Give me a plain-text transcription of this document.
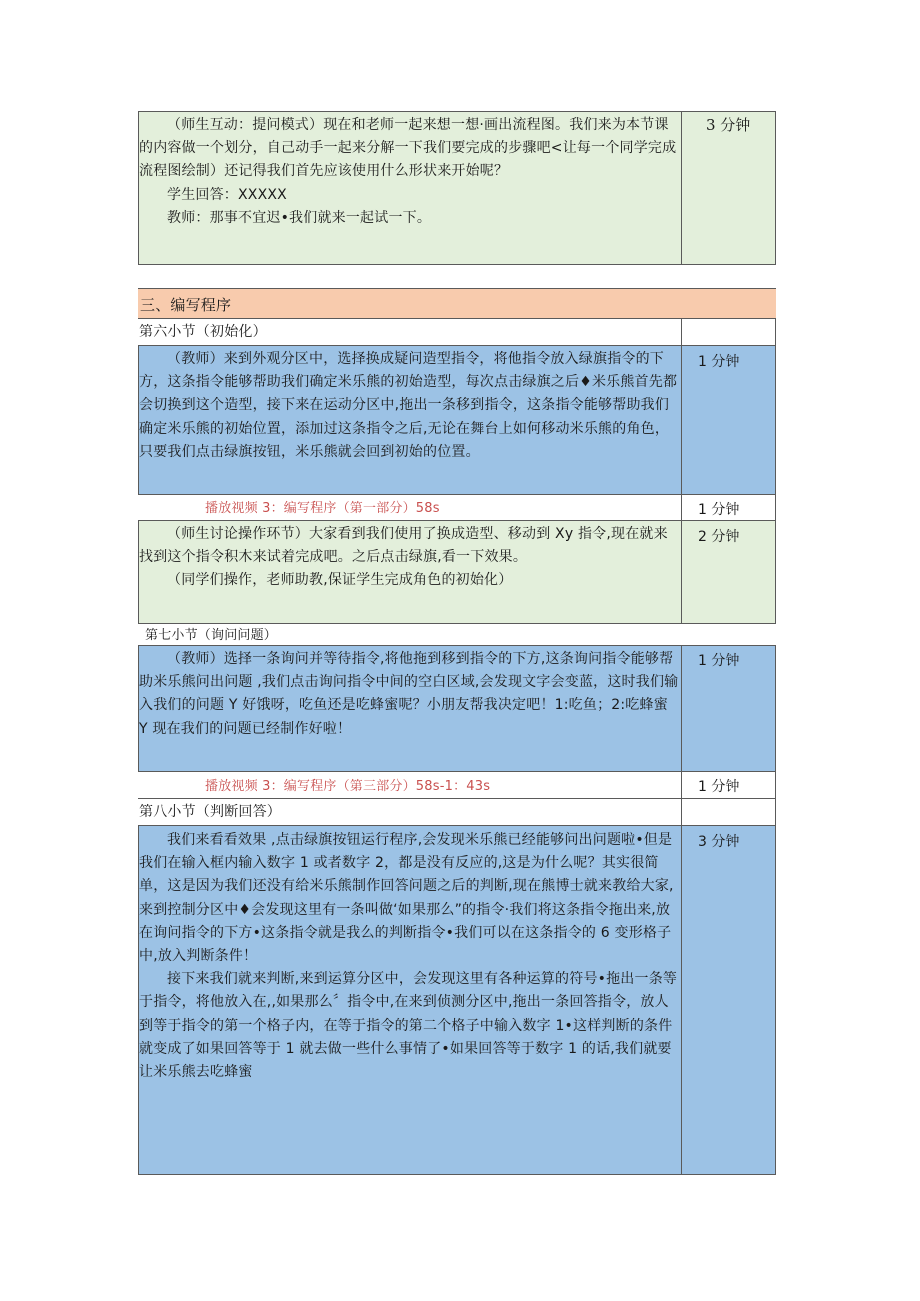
（师生互动：提问模式）现在和老师一起来想一想·画出流程图。我们来为本节课的内容做一个划分，自己动手一起来分解一下我们要完成的步骤吧<让每一个同学完成流程图绘制）还记得我们首先应该使用什么形状来开始呢？

学生回答：XXXXX

教师：那事不宜迟•我们就来一起试一下。

3 分钟
三、编写程序
第六小节（初始化）
（教师）来到外观分区中，选择换成疑问造型指令，将他指令放入绿旗指令的下方，这条指令能够帮助我们确定米乐熊的初始造型，每次点击绿旗之后♦米乐熊首先都会切换到这个造型，接下来在运动分区中,拖出一条移到指令，这条指令能够帮助我们确定米乐熊的初始位置，添加过这条指令之后,无论在舞台上如何移动米乐熊的角色，只要我们点击绿旗按钮，米乐熊就会回到初始的位置。
1 分钟
播放视频 3：编写程序（第一部分）58s	1 分钟

（师生讨论操作环节）大家看到我们使用了换成造型、移动到 Xy 指令,现在就来找到这个指令积木来试着完成吧。之后点击绿旗,看一下效果。

（同学们操作，老师助教,保证学生完成角色的初始化）

2 分钟
第七小节（询问问题）
（教师）选择一条询问并等待指令,将他拖到移到指令的下方,这条询问指令能够帮助米乐熊问出问题 ,我们点击询问指令中间的空白区域,会发现文字会变蓝，这时我们输入我们的问题 Y 好饿呀，吃鱼还是吃蜂蜜呢？小朋友帮我决定吧！1:吃鱼；2:吃蜂蜜 Y 现在我们的问题已经制作好啦！
1 分钟
播放视频 3：编写程序（第三部分）58s-1：43s	1 分钟
第八小节（判断回答）

我们来看看效果 ,点击绿旗按钮运行程序,会发现米乐熊已经能够问出问题啦•但是我们在输入框内输入数字 1 或者数字 2，都是没有反应的,这是为什么呢？其实很简单，这是因为我们还没有给米乐熊制作回答问题之后的判断,现在熊博士就来教给大家,来到控制分区中♦会发现这里有一条叫做‘如果那么”的指令·我们将这条指令拖出来,放在询问指令的下方•这条指令就是我么的判断指令•我们可以在这条指令的 6 变形格子中,放入判断条件！

接下来我们就来判断,来到运算分区中，会发现这里有各种运算的符号•拖出一条等于指令，将他放入在,,如果那么〞指令中,在来到侦测分区中,拖出一条回答指令，放人到等于指令的第一个格子内，在等于指令的第二个格子中输入数字 1•这样判断的条件就变成了如果回答等于 1 就去做一些什么事情了•如果回答等于数字 1 的话,我们就要让米乐熊去吃蜂蜜

3 分钟
